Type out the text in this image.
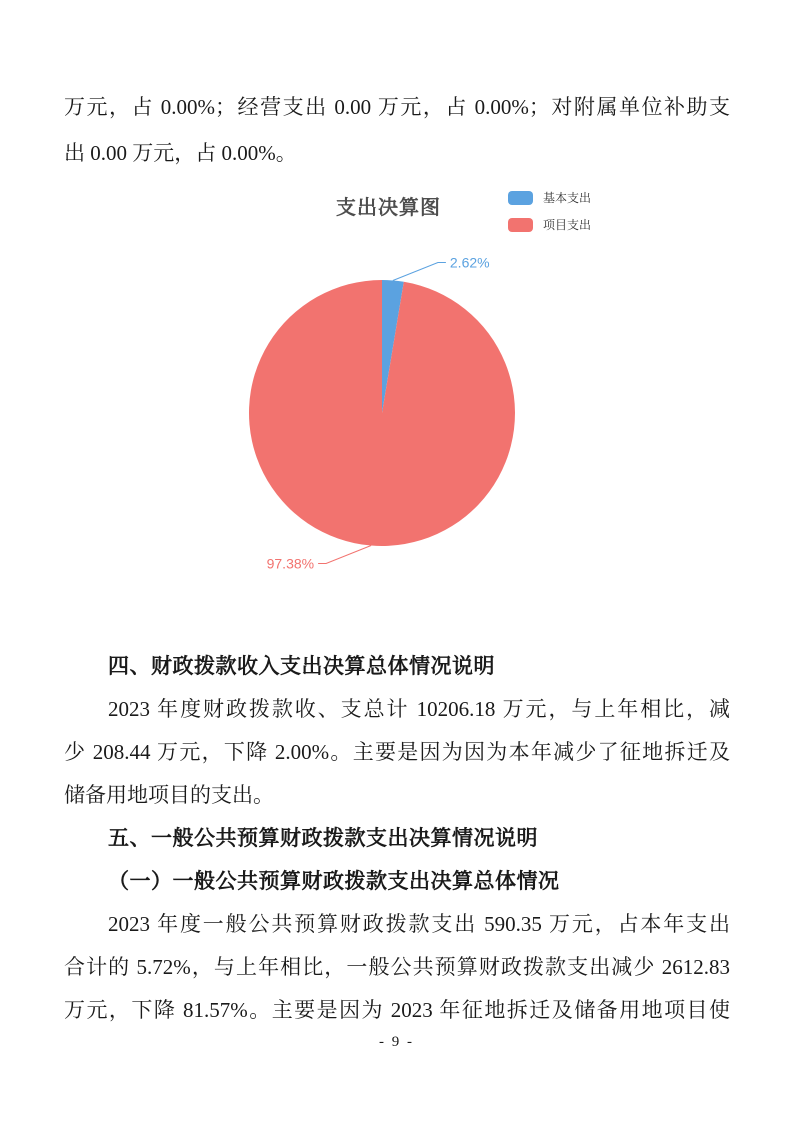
万元，占 0.00%；经营支出 0.00 万元，占 0.00%；对附属单位补助支
出 0.00 万元，占 0.00%。
支出决算图	基本支出
项目支出
2.62%
97.38%
四、财政拨款收入支出决算总体情况说明
2023 年度财政拨款收、支总计 10206.18 万元，与上年相比，减
少 208.44 万元，下降 2.00%。主要是因为因为本年减少了征地拆迁及
储备用地项目的支出。
五、一般公共预算财政拨款支出决算情况说明
（一）一般公共预算财政拨款支出决算总体情况
2023 年度一般公共预算财政拨款支出 590.35 万元，占本年支出
合计的 5.72%，与上年相比，一般公共预算财政拨款支出减少 2612.83
万元，下降 81.57%。主要是因为 2023 年征地拆迁及储备用地项目使
- 9 -
